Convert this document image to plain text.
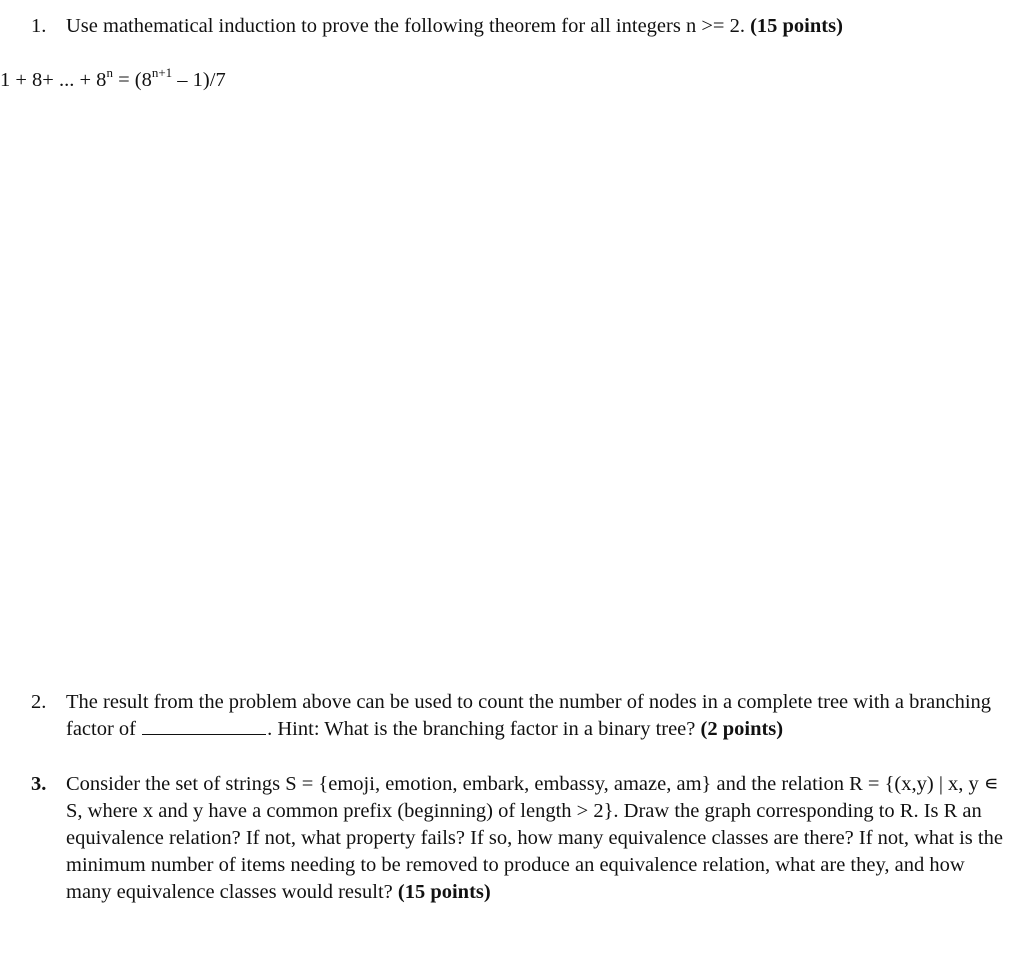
1. Use mathematical induction to prove the following theorem for all integers n >= 2. (15 points)
1 + 8+ ... + $8^n = (8^{n+1} - 1)/7$
2. The result from the problem above can be used to count the number of nodes in a complete tree with a branching factor of	. Hint: What is the branching factor in a binary tree? (2 points)
3. Consider the set of strings S = {emoji, emotion, embark, embassy, amaze, am} and the relation R = {(x,y) | x, y ∊ S, where x and y have a common prefix (beginning) of length > 2}. Draw the graph corresponding to R. Is R an equivalence relation? If not, what property fails? If so, how many equivalence classes are there? If not, what is the minimum number of items needing to be removed to produce an equivalence relation, what are they, and how many equivalence classes would result? (15 points)
